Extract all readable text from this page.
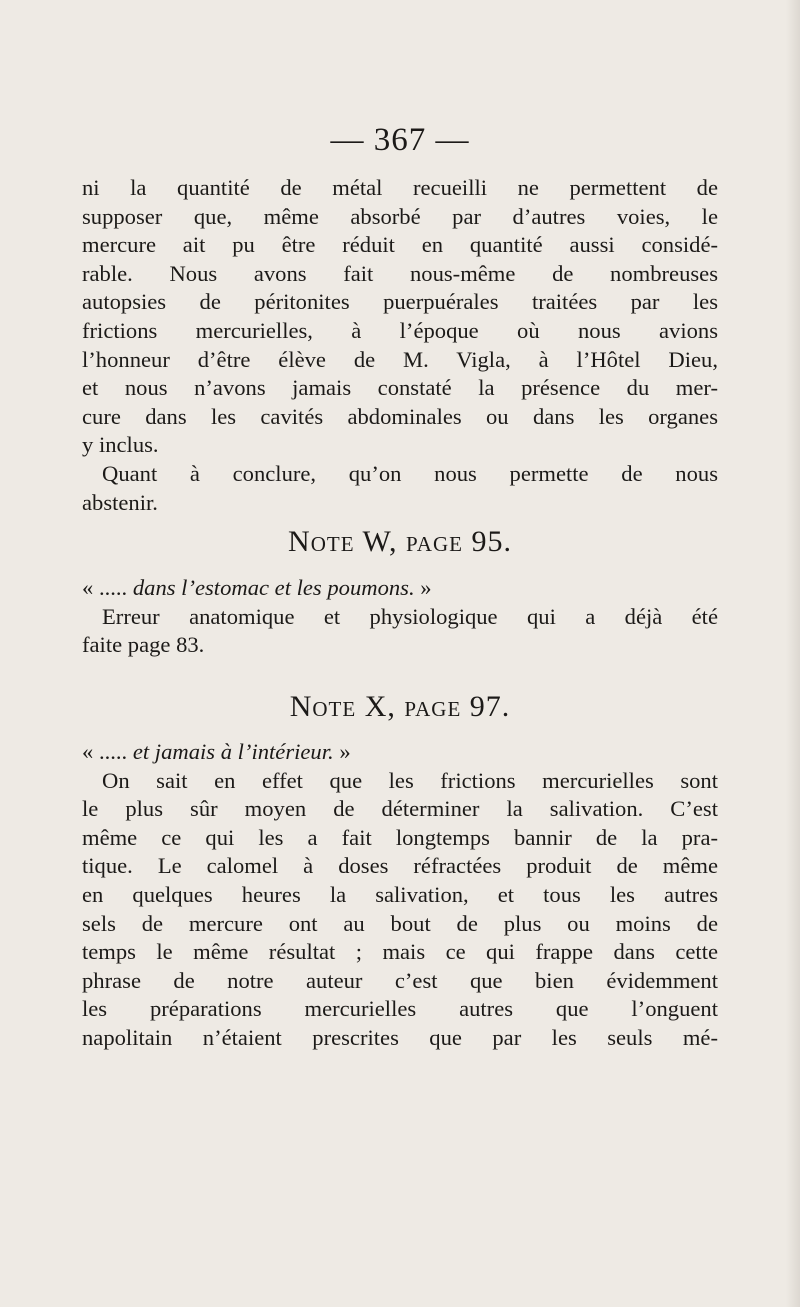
— 367 —
ni la quantité de métal recueilli ne permettent de
supposer que, même absorbé par d’autres voies, le
mercure ait pu être réduit en quantité aussi considé-
rable. Nous avons fait nous-même de nombreuses
autopsies de péritonites puerpuérales traitées par les
frictions mercurielles, à l’époque où nous avions
l’honneur d’être élève de M. Vigla, à l’Hôtel Dieu,
et nous n’avons jamais constaté la présence du mer-
cure dans les cavités abdominales ou dans les organes
y inclus.
Quant à conclure, qu’on nous permette de nous
abstenir.
Note W, page 95.
« ..... dans l’estomac et les poumons. »
Erreur anatomique et physiologique qui a déjà été
faite page 83.
Note X, page 97.
« ..... et jamais à l’intérieur. »
On sait en effet que les frictions mercurielles sont
le plus sûr moyen de déterminer la salivation. C’est
même ce qui les a fait longtemps bannir de la pra-
tique. Le calomel à doses réfractées produit de même
en quelques heures la salivation, et tous les autres
sels de mercure ont au bout de plus ou moins de
temps le même résultat ; mais ce qui frappe dans cette
phrase de notre auteur c’est que bien évidemment
les préparations mercurielles autres que l’onguent
napolitain n’étaient prescrites que par les seuls mé-
